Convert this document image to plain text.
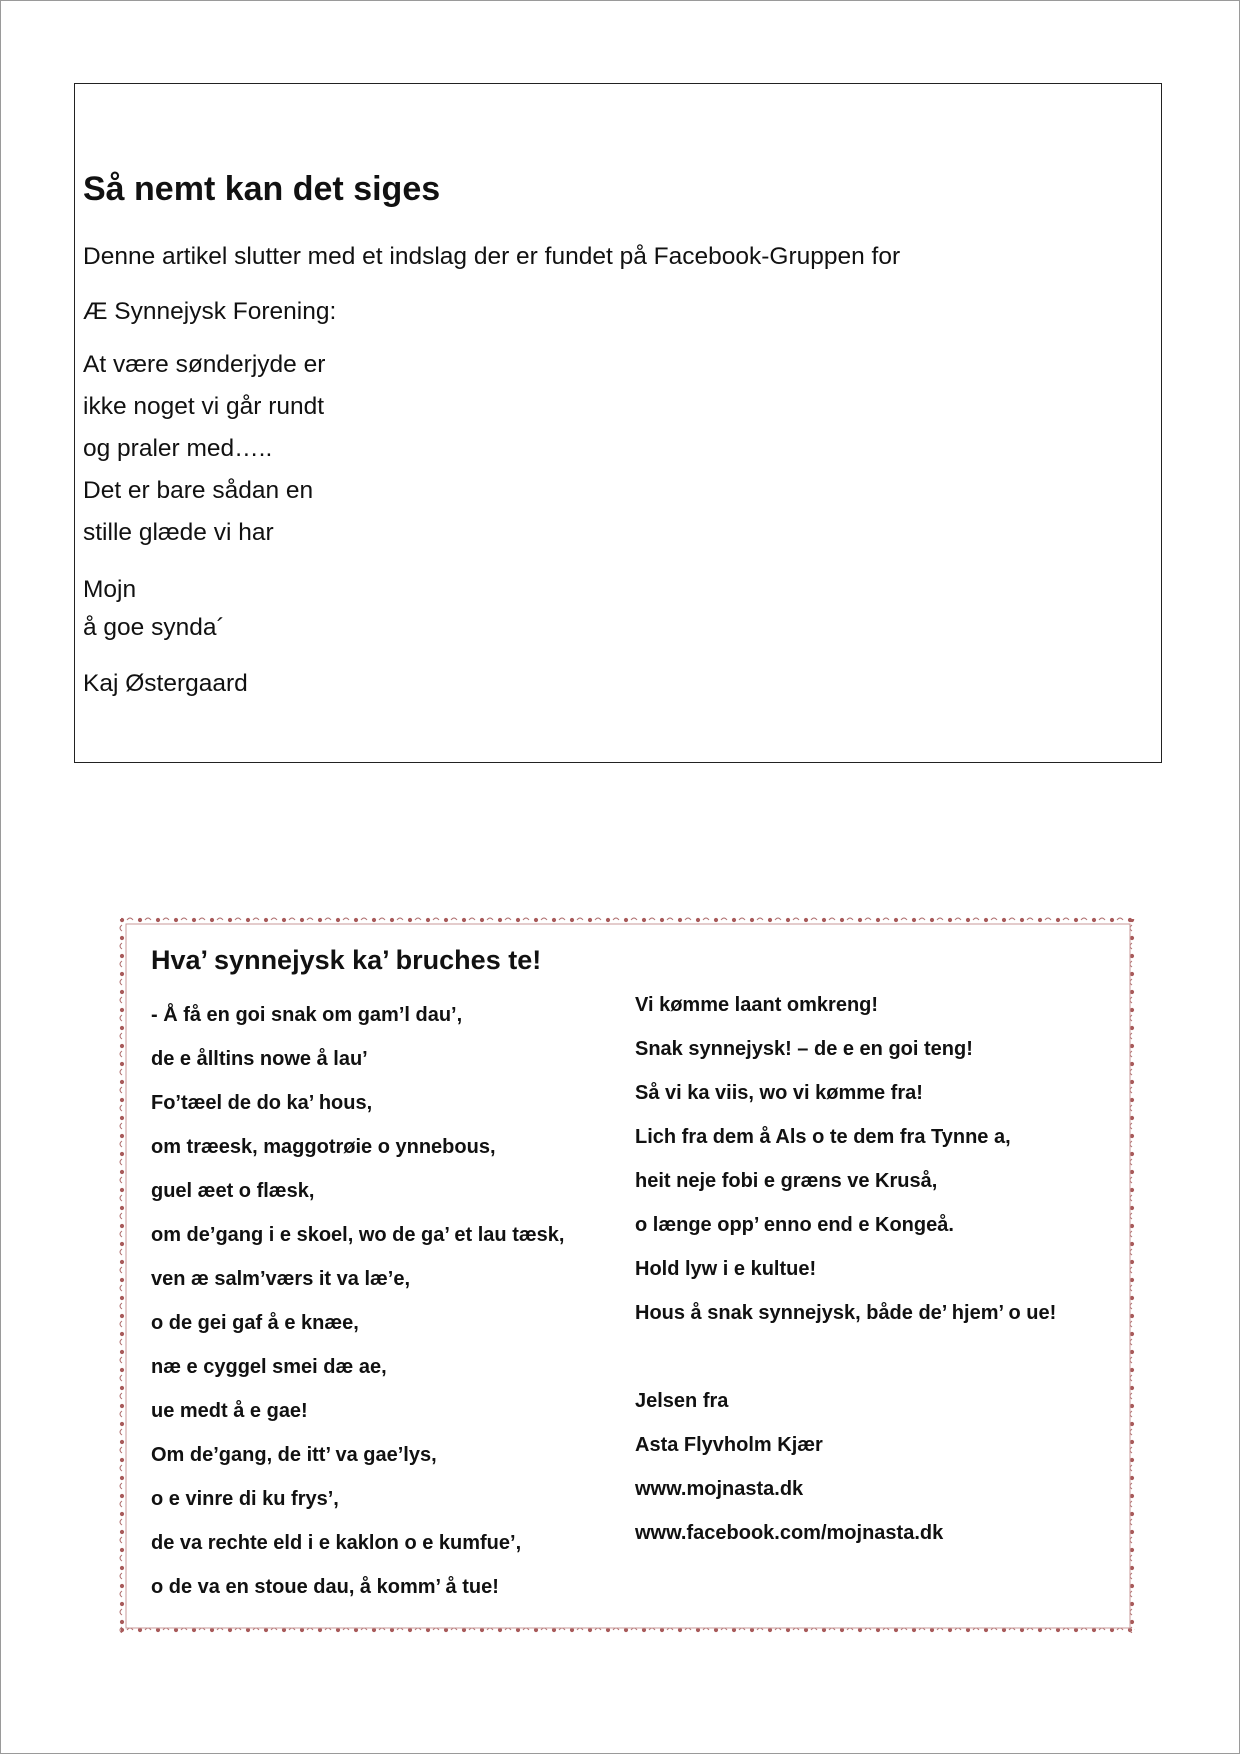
Så nemt kan det siges

Denne artikel slutter med et indslag der er fundet på Facebook-Gruppen for

Æ Synnejysk Forening:

At være sønderjyde er
ikke noget vi går rundt
og praler med…..
Det er bare sådan en
stille glæde vi har
Mojn
å goe synda´

Kaj Østergaard

Hva’ synnejysk ka’ bruches te!
- Å få en goi snak om gam’l dau’,
de e ålltins nowe å lau’
Fo’tæel de do ka’ hous,
om træesk, maggotrøie o ynnebous,
guel æet o flæsk,
om de’gang i e skoel, wo de ga’ et lau tæsk,
ven æ salm’værs it va læ’e,
o de gei gaf å e knæe,
næ e cyggel smei dæ ae,
ue medt å e gae!
Om de’gang, de itt’ va gae’lys,
o e vinre di ku frys’,
de va rechte eld i e kaklon o e kumfue’,
o de va en stoue dau, å komm’ å tue!
Vi kømme laant omkreng!
Snak synnejysk! – de e en goi teng!
Så vi ka viis, wo vi kømme fra!
Lich fra dem å Als o te dem fra Tynne a,
heit neje fobi e græns ve Kruså,
o længe opp’ enno end e Kongeå.
Hold lyw i e kultue!
Hous å snak synnejysk, både de’ hjem’ o ue!
Jelsen fra
Asta Flyvholm Kjær
www.mojnasta.dk
www.facebook.com/mojnasta.dk
